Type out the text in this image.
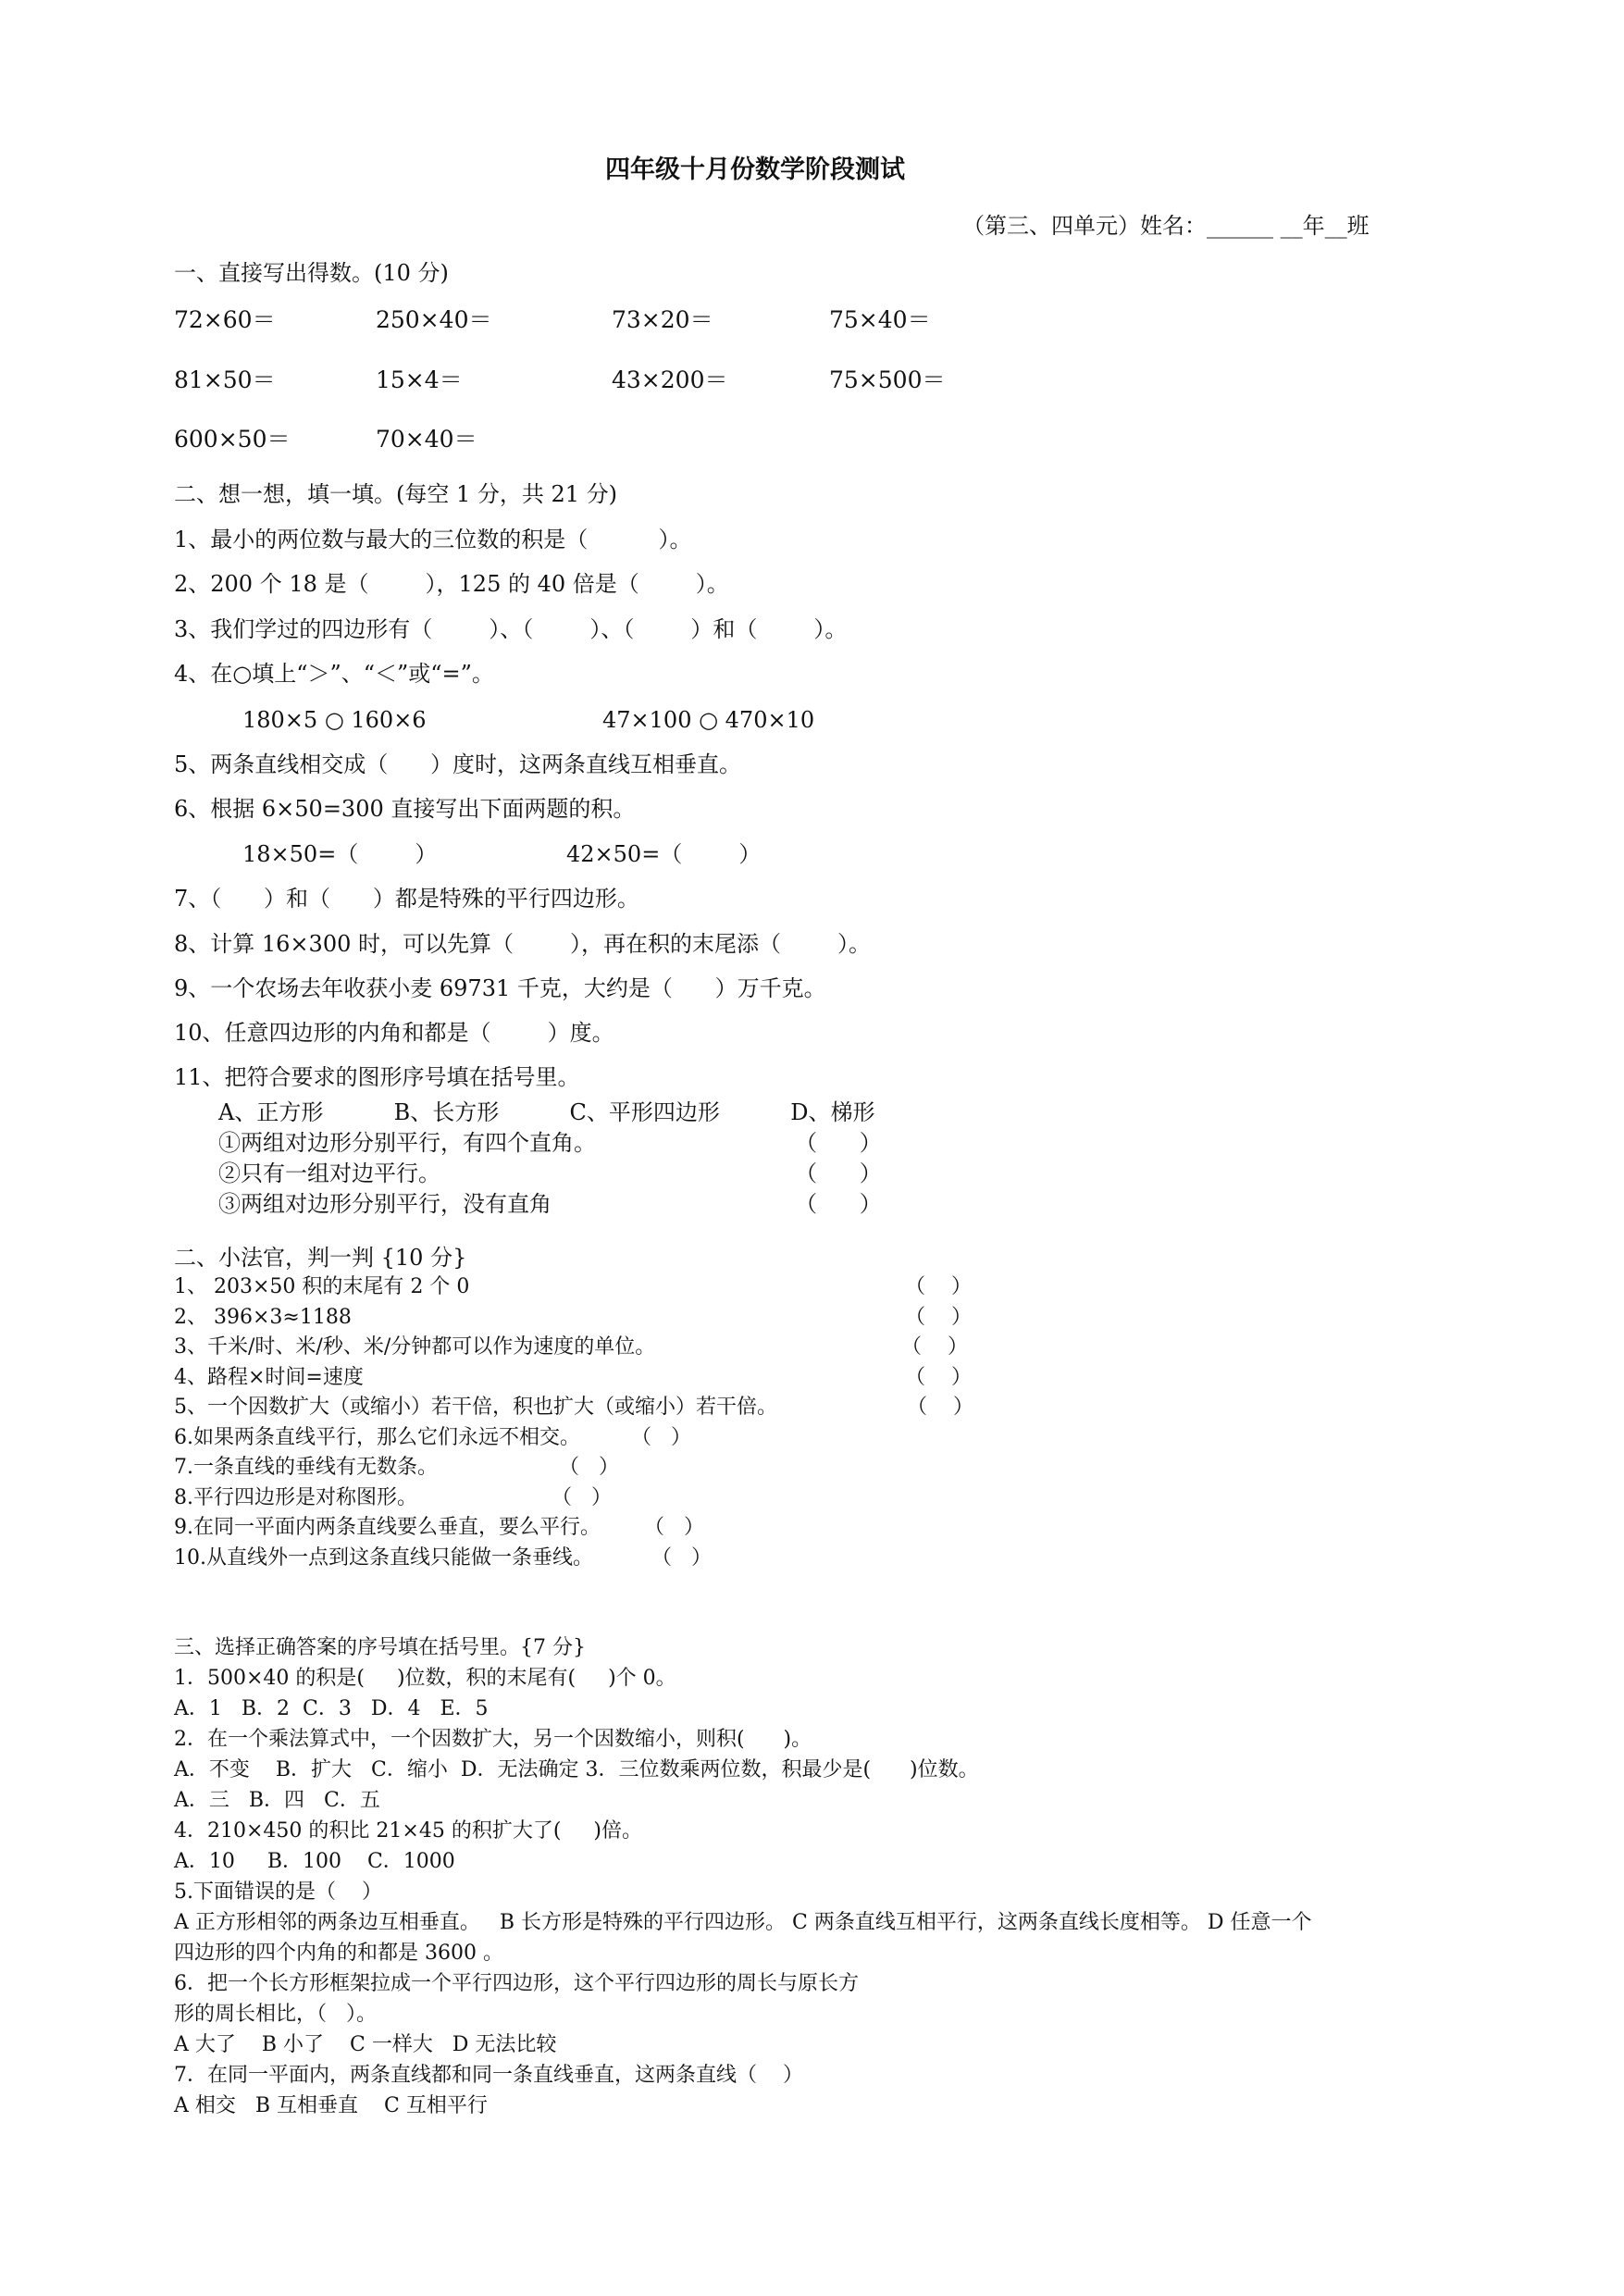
四年级十月份数学阶段测试
（第三、四单元）姓名：______ __年__班
一、直接写出得数。(10 分)
72×60＝	250×40＝	73×20＝	75×40＝
81×50＝	15×4＝	43×200＝	75×500＝
600×50＝	70×40＝
二、想一想，填一填。(每空 1 分，共 21 分)
1、最小的两位数与最大的三位数的积是（          ）。
2、200 个 18 是（        ），125 的 40 倍是（        ）。
3、我们学过的四边形有（        ）、（        ）、（        ）和（        ）。
4、在○填上“＞”、“＜”或“=”。
180×5 ○ 160×6	47×100 ○ 470×10
5、两条直线相交成（      ）度时，这两条直线互相垂直。
6、根据 6×50=300 直接写出下面两题的积。
18×50=（        ）	42×50=（        ）
7、（      ）和（      ）都是特殊的平行四边形。
8、计算 16×300 时，可以先算（        ），再在积的末尾添（        ）。
9、一个农场去年收获小麦 69731 千克，大约是（      ）万千克。
10、任意四边形的内角和都是（        ）度。
11、把符合要求的图形序号填在括号里。
A、正方形          B、长方形          C、平形四边形          D、梯形
①两组对边形分别平行，有四个直角。	（      ）
②只有一组对边平行。	（      ）
③两组对边形分别平行，没有直角	（      ）
二、小法官，判一判 {10 分}
1、 203×50 积的末尾有 2 个 0	（    ）
2、 396×3≈1188	（    ）
3、千米/时、米/秒、米/分钟都可以作为速度的单位。	（    ）
4、路程×时间=速度	（    ）
5、一个因数扩大（或缩小）若干倍，积也扩大（或缩小）若干倍。	（    ）
6.如果两条直线平行，那么它们永远不相交。	（   ）
7.一条直线的垂线有无数条。	（   ）
8.平行四边形是对称图形。	（   ）
9.在同一平面内两条直线要么垂直，要么平行。 （   ）
10.从直线外一点到这条直线只能做一条垂线。	（   ）
三、选择正确答案的序号填在括号里。{7 分}
1．500×40 的积是(     )位数，积的末尾有(     )个 0。
A．1   B．2  C．3   D．4   E．5
2．在一个乘法算式中，一个因数扩大，另一个因数缩小，则积(      )。
A．不变    B．扩大   C．缩小  D．无法确定 3．三位数乘两位数，积最少是(      )位数。
A．三   B．四   C．五
4．210×450 的积比 21×45 的积扩大了(     )倍。
A．10     B．100    C．1000
5.下面错误的是（    ）
A 正方形相邻的两条边互相垂直。   B 长方形是特殊的平行四边形。 C 两条直线互相平行，这两条直线长度相等。 D 任意一个
四边形的四个内角的和都是 3600 。
6．把一个长方形框架拉成一个平行四边形，这个平行四边形的周长与原长方
形的周长相比，（   ）。
A 大了    B 小了    C 一样大   D 无法比较
7．在同一平面内，两条直线都和同一条直线垂直，这两条直线（    ）
A 相交   B 互相垂直    C 互相平行
